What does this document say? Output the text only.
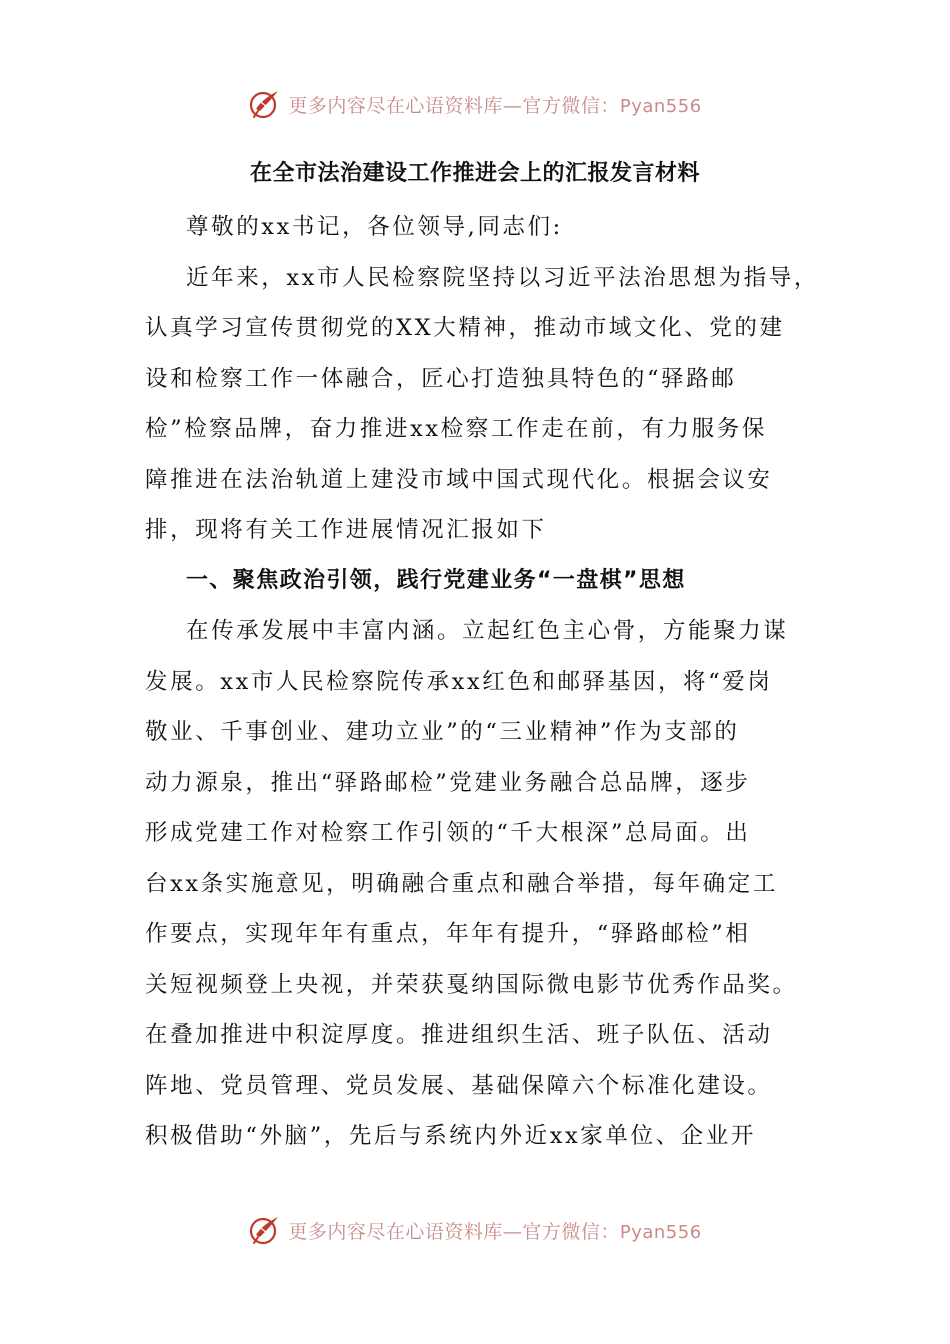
更多内容尽在心语资料库—官方微信：Pyan556
在全市法治建设工作推进会上的汇报发言材料
尊敬的xx书记，各位领导,同志们:
近年来，xx市人民检察院坚持以习近平法治思想为指导，
认真学习宣传贯彻党的XX大精神，推动市域文化、党的建
设和检察工作一体融合，匠心打造独具特色的“驿路邮
检”检察品牌，奋力推进xx检察工作走在前，有力服务保
障推进在法治轨道上建没市域中国式现代化。根据会议安
排，现将有关工作进展情况汇报如下
一、聚焦政治引领，践行党建业务“一盘棋”思想
在传承发展中丰富内涵。立起红色主心骨，方能聚力谋
发展。xx市人民检察院传承xx红色和邮驿基因，将“爱岗
敬业、千事创业、建功立业”的“三业精神”作为支部的
动力源泉，推出“驿路邮检”党建业务融合总品牌，逐步
形成党建工作对检察工作引领的“千大根深”总局面。出
台xx条实施意见，明确融合重点和融合举措，每年确定工
作要点，实现年年有重点，年年有提升，“驿路邮检”相
关短视频登上央视，并荣获戛纳国际微电影节优秀作品奖。
在叠加推进中积淀厚度。推进组织生活、班子队伍、活动
阵地、党员管理、党员发展、基础保障六个标准化建设。
积极借助“外脑”，先后与系统内外近xx家单位、企业开
更多内容尽在心语资料库—官方微信：Pyan556
